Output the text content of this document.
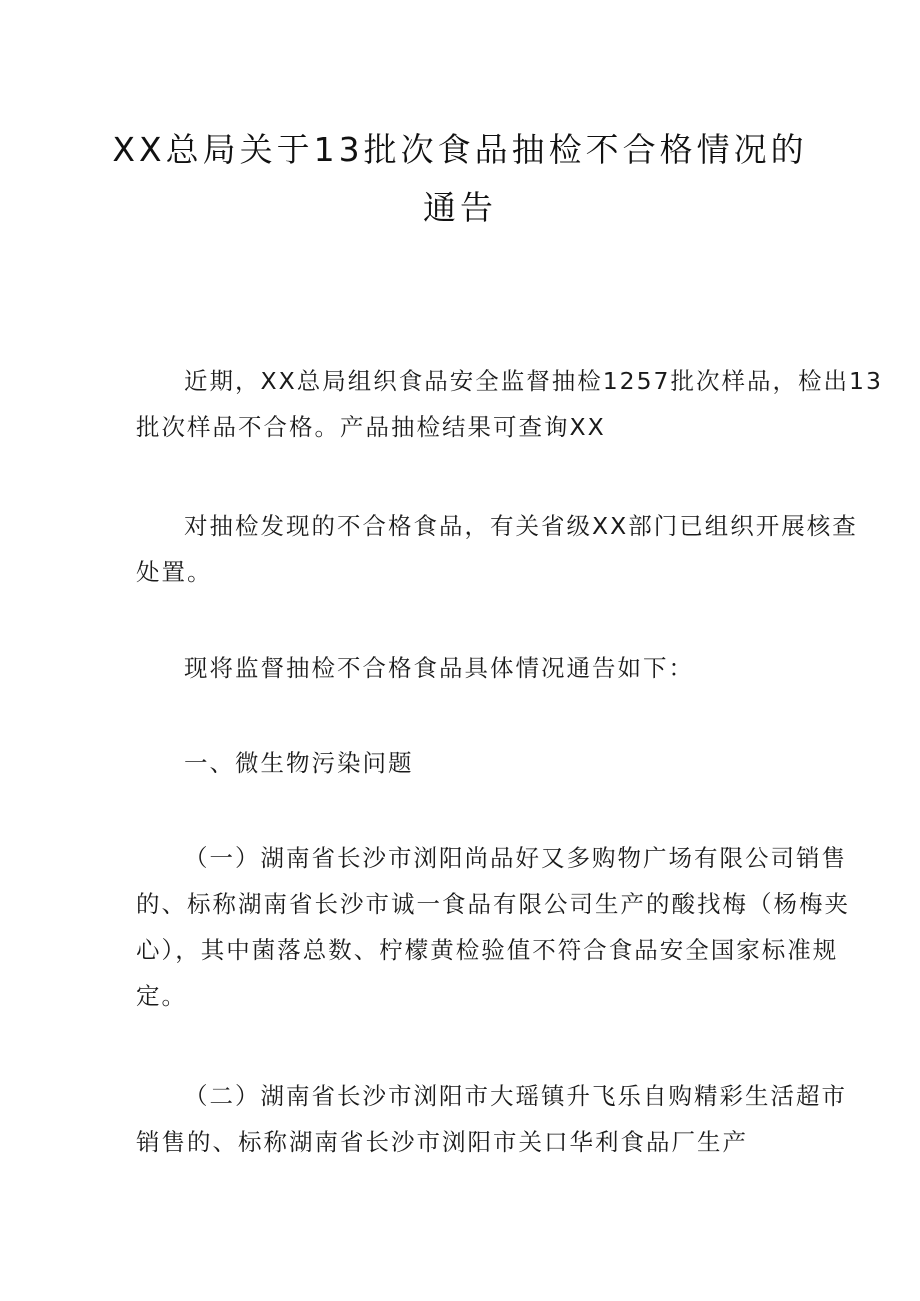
XX总局关于13批次食品抽检不合格情况的
通告
近期，XX总局组织食品安全监督抽检1257批次样品，检出13
批次样品不合格。产品抽检结果可查询XX
对抽检发现的不合格食品，有关省级XX部门已组织开展核查
处置。
现将监督抽检不合格食品具体情况通告如下：
一、微生物污染问题
（一）湖南省长沙市浏阳尚品好又多购物广场有限公司销售
的、标称湖南省长沙市诚一食品有限公司生产的酸找梅（杨梅夹
心），其中菌落总数、柠檬黄检验值不符合食品安全国家标准规
定。
（二）湖南省长沙市浏阳市大瑶镇升飞乐自购精彩生活超市
销售的、标称湖南省长沙市浏阳市关口华利食品厂生产
